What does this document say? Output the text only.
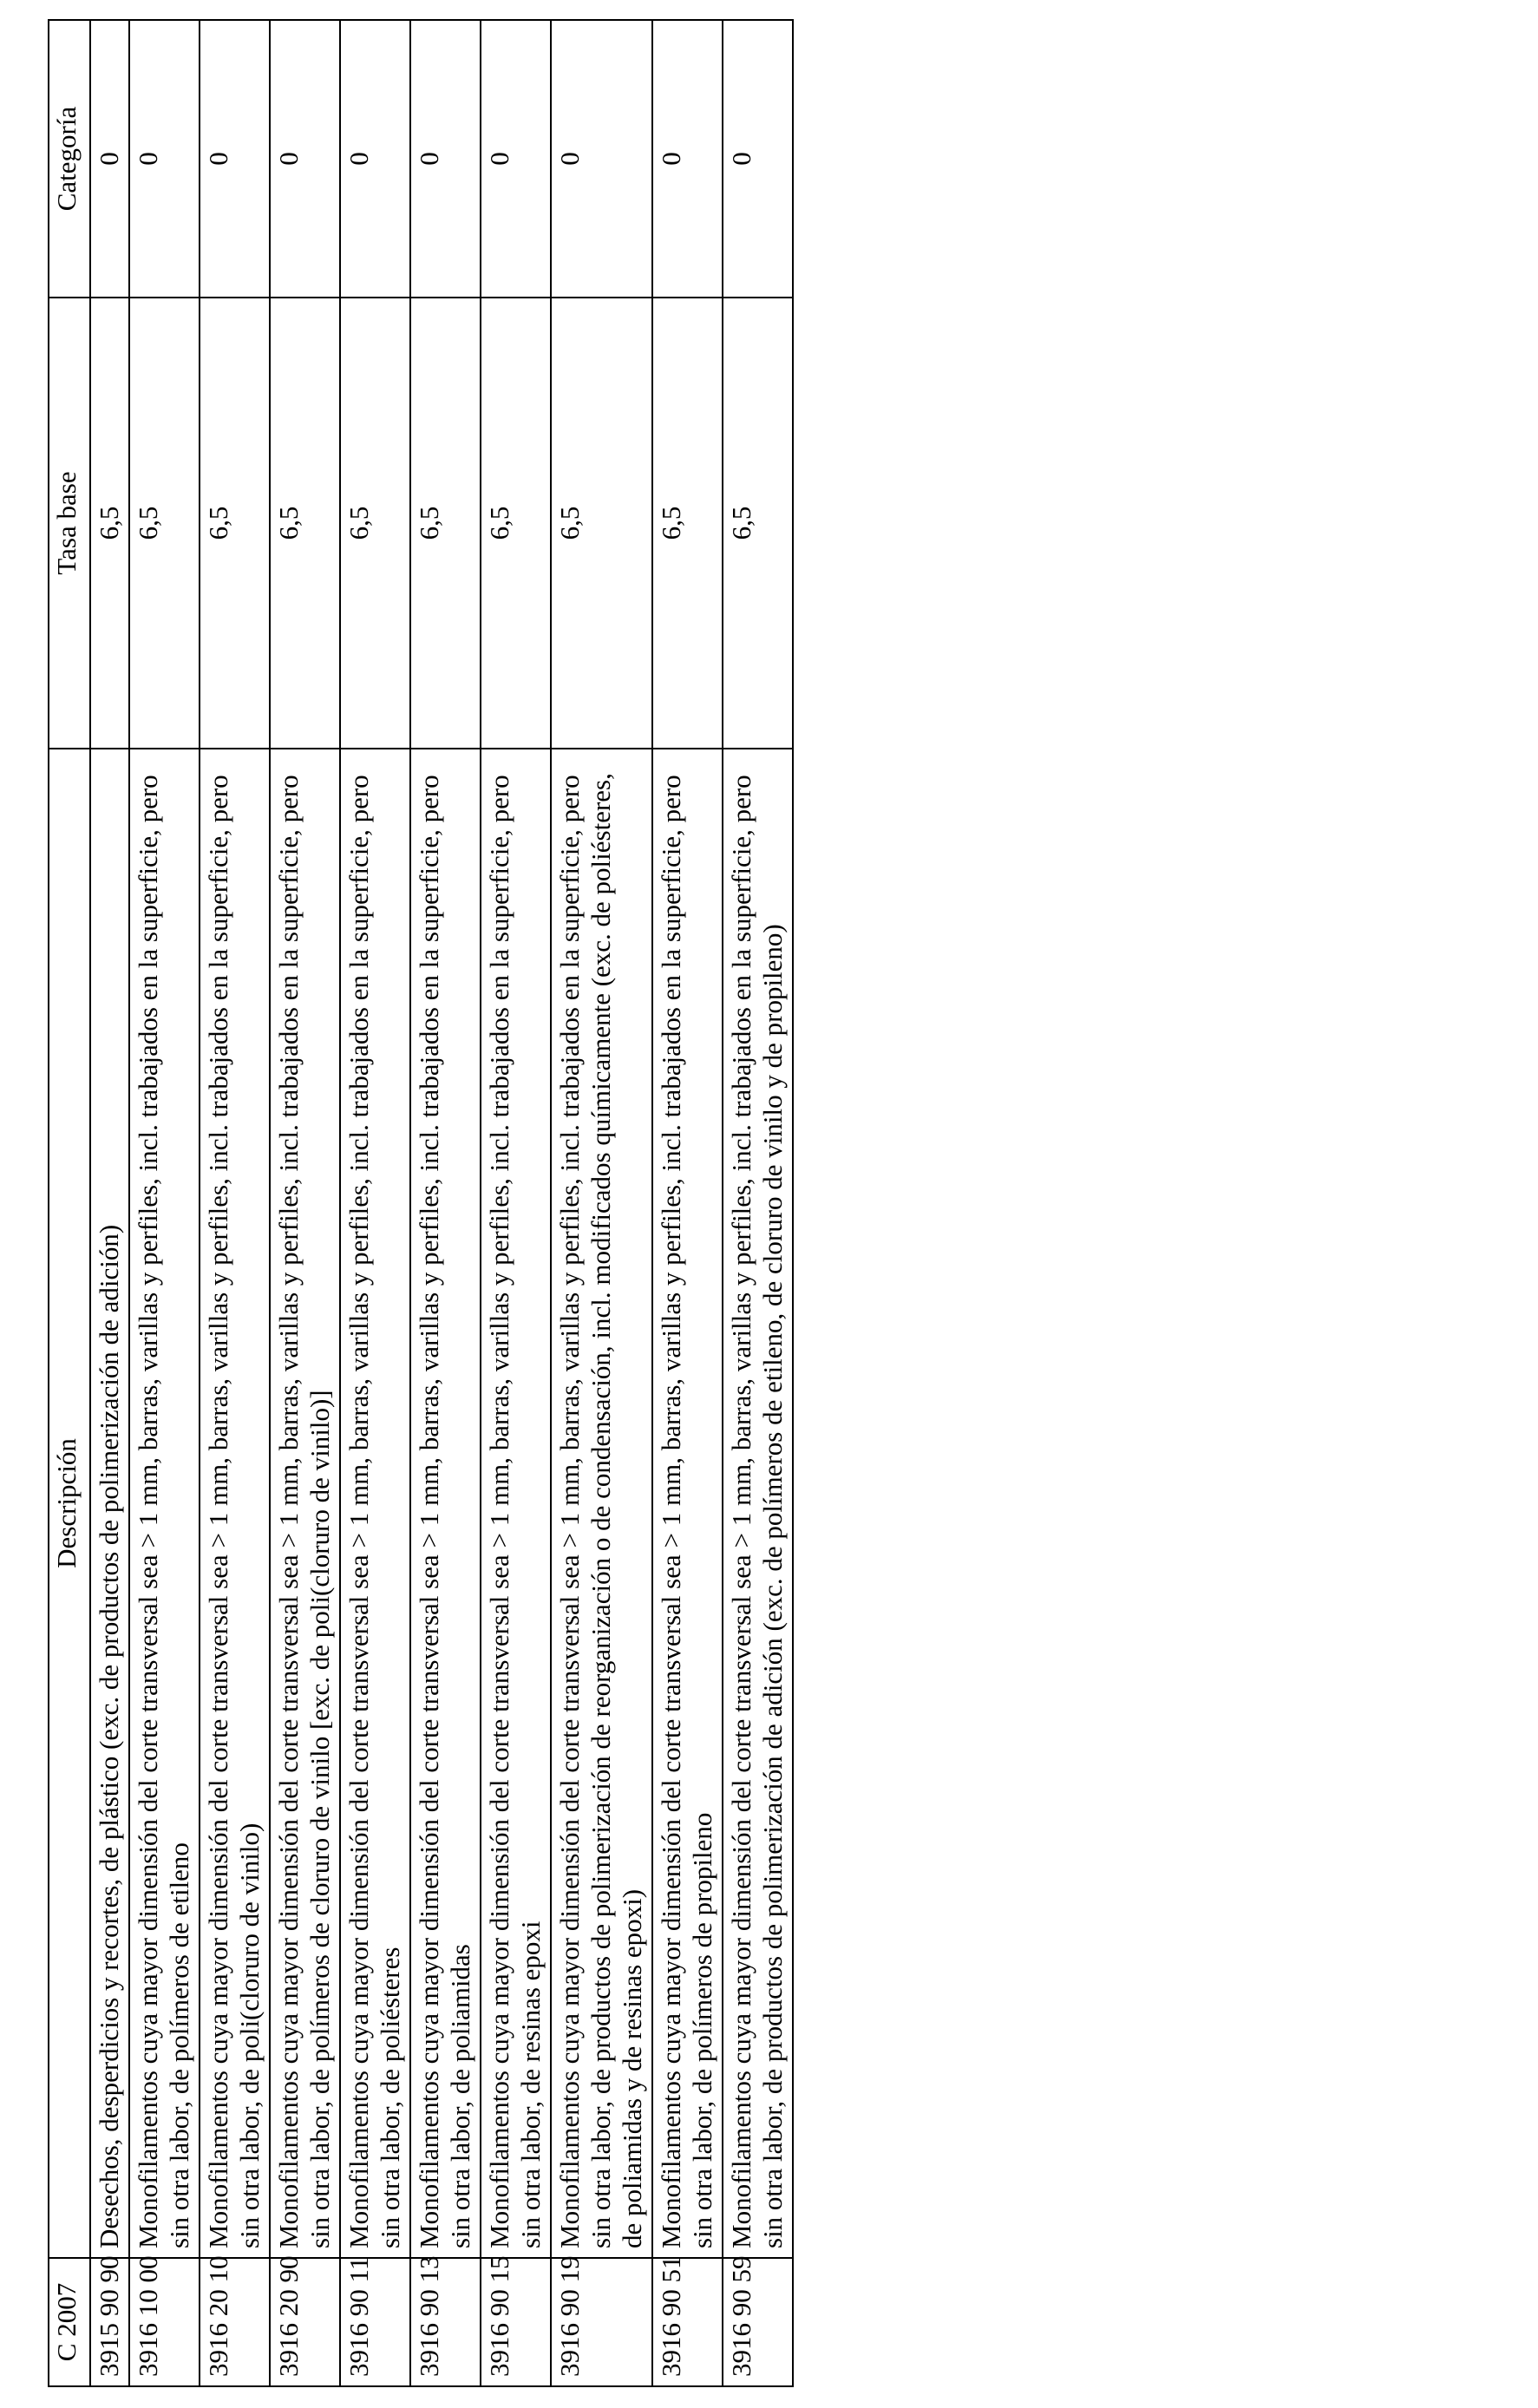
C 2007	Descripción	Tasa base	Categoría
3915 90 90	Desechos, desperdicios y recortes, de plástico (exc. de productos de polimerización de adición)	6,5	0
3916 10 00	Monofilamentos cuya mayor dimensión del corte transversal sea > 1 mm, barras, varillas y perfiles, incl. trabajados en la superficie, pero sin otra labor, de polímeros de etileno	6,5	0
3916 20 10	Monofilamentos cuya mayor dimensión del corte transversal sea > 1 mm, barras, varillas y perfiles, incl. trabajados en la superficie, pero sin otra labor, de poli(cloruro de vinilo)	6,5	0
3916 20 90	Monofilamentos cuya mayor dimensión del corte transversal sea > 1 mm, barras, varillas y perfiles, incl. trabajados en la superficie, pero sin otra labor, de polímeros de cloruro de vinilo [exc. de poli(cloruro de vinilo)]	6,5	0
3916 90 11	Monofilamentos cuya mayor dimensión del corte transversal sea > 1 mm, barras, varillas y perfiles, incl. trabajados en la superficie, pero sin otra labor, de poliésteres	6,5	0
3916 90 13	Monofilamentos cuya mayor dimensión del corte transversal sea > 1 mm, barras, varillas y perfiles, incl. trabajados en la superficie, pero sin otra labor, de poliamidas	6,5	0
3916 90 15	Monofilamentos cuya mayor dimensión del corte transversal sea > 1 mm, barras, varillas y perfiles, incl. trabajados en la superficie, pero sin otra labor, de resinas epoxi	6,5	0
3916 90 19	Monofilamentos cuya mayor dimensión del corte transversal sea > 1 mm, barras, varillas y perfiles, incl. trabajados en la superficie, pero sin otra labor, de productos de polimerización de reorganización o de condensación, incl. modificados químicamente (exc. de poliésteres, de poliamidas y de resinas epoxi)	6,5	0
3916 90 51	Monofilamentos cuya mayor dimensión del corte transversal sea > 1 mm, barras, varillas y perfiles, incl. trabajados en la superficie, pero sin otra labor, de polímeros de propileno	6,5	0
3916 90 59	Monofilamentos cuya mayor dimensión del corte transversal sea > 1 mm, barras, varillas y perfiles, incl. trabajados en la superficie, pero sin otra labor, de productos de polimerización de adición (exc. de polímeros de etileno, de cloruro de vinilo y de propileno)	6,5	0
